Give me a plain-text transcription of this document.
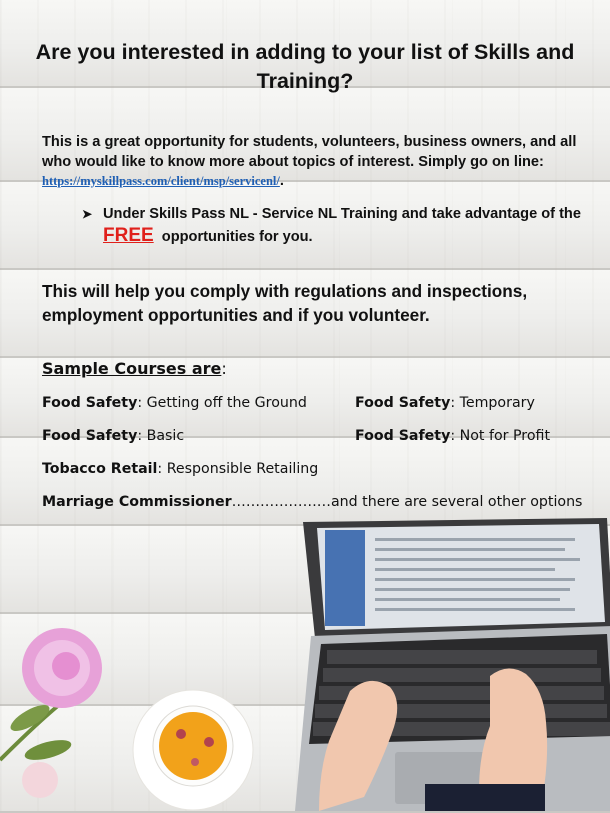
Are you interested in adding to your list of Skills and Training?
This is a great opportunity for students, volunteers, business owners, and all who would like to know more about topics of interest. Simply go on line: https://myskillpass.com/client/msp/servicenl/.
➤ Under Skills Pass NL - Service NL Training and take advantage of the FREE  opportunities for you.
This will help you comply with regulations and inspections, employment opportunities and if you volunteer.
Sample Courses are:
Food Safety: Getting off the Ground	Food Safety: Temporary
Food Safety: Basic	Food Safety: Not for Profit
Tobacco Retail: Responsible Retailing
Marriage Commissioner…………………and there are several other options
